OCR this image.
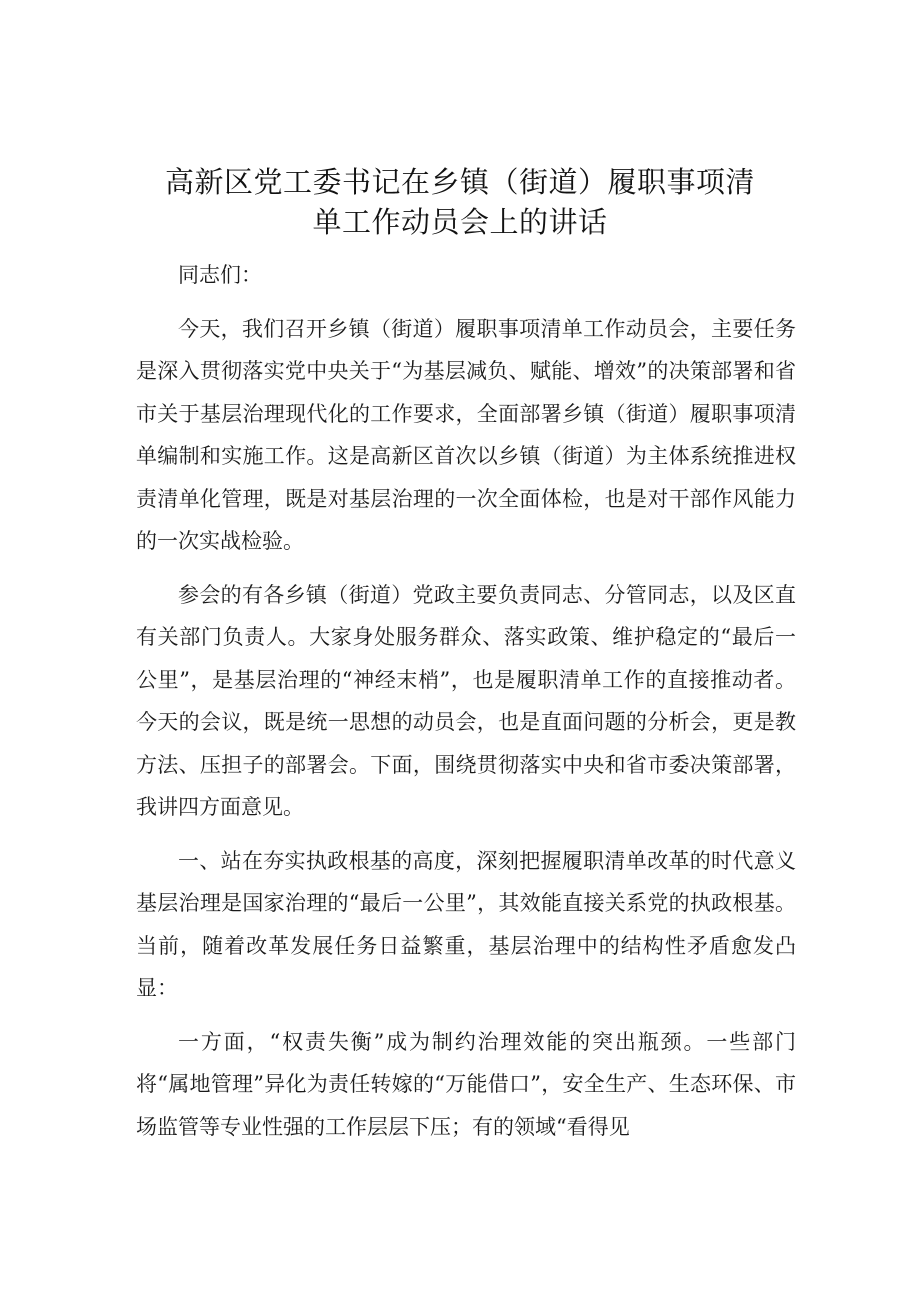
高新区党工委书记在乡镇（街道）履职事项清
单工作动员会上的讲话

同志们：

今天，我们召开乡镇（街道）履职事项清单工作动员会，主要任务是深入贯彻落实党中央关于“为基层减负、赋能、增效”的决策部署和省市关于基层治理现代化的工作要求，全面部署乡镇（街道）履职事项清单编制和实施工作。这是高新区首次以乡镇（街道）为主体系统推进权责清单化管理，既是对基层治理的一次全面体检，也是对干部作风能力的一次实战检验。

参会的有各乡镇（街道）党政主要负责同志、分管同志，以及区直有关部门负责人。大家身处服务群众、落实政策、维护稳定的“最后一公里”，是基层治理的“神经末梢”，也是履职清单工作的直接推动者。今天的会议，既是统一思想的动员会，也是直面问题的分析会，更是教方法、压担子的部署会。下面，围绕贯彻落实中央和省市委决策部署，我讲四方面意见。

一、站在夯实执政根基的高度，深刻把握履职清单改革的时代意义基层治理是国家治理的“最后一公里”，其效能直接关系党的执政根基。当前，随着改革发展任务日益繁重，基层治理中的结构性矛盾愈发凸显：

一方面，“权责失衡”成为制约治理效能的突出瓶颈。一些部门将“属地管理”异化为责任转嫁的“万能借口”，安全生产、生态环保、市场监管等专业性强的工作层层下压；有的领域“看得见
